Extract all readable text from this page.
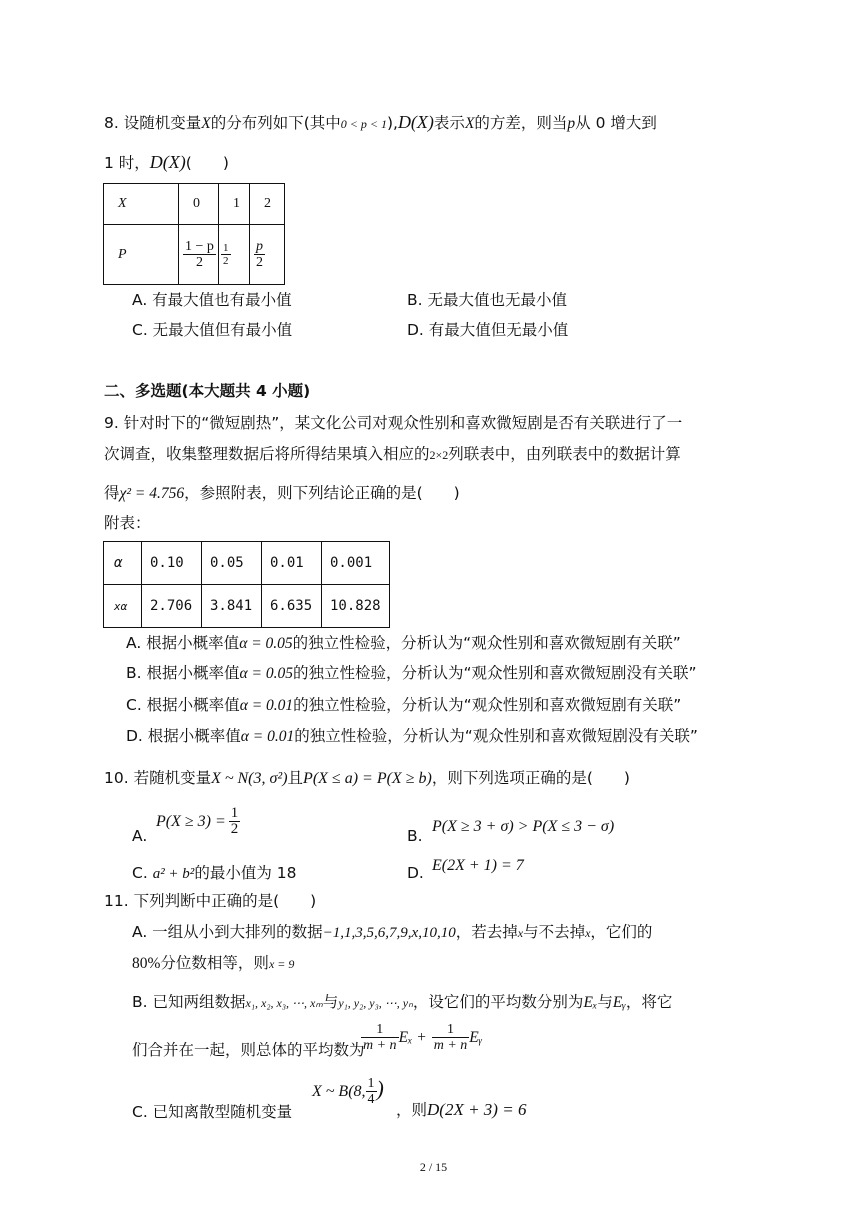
8. 设随机变量X的分布列如下(其中0 < p < 1),D(X)表示X的方差，则当p从 0 增大到
1 时，D(X)(　　)
X	0	1	2
P	$\frac{1 - p}{2}$	$\frac{1}{2}$	$\frac{p}{2}$
A. 有最大值也有最小值	B. 无最大值也无最小值
C. 无最大值但有最小值	D. 有最大值但无最小值
二、多选题(本大题共 4 小题)
9. 针对时下的“微短剧热”，某文化公司对观众性别和喜欢微短剧是否有关联进行了一
次调查，收集整理数据后将所得结果填入相应的2×2列联表中，由列联表中的数据计算
得χ² = 4.756，参照附表，则下列结论正确的是(　　)
附表：
α	0.10	0.05	0.01	0.001
xα	2.706	3.841	6.635	10.828
A. 根据小概率值α = 0.05的独立性检验，分析认为“观众性别和喜欢微短剧有关联”
B. 根据小概率值α = 0.05的独立性检验，分析认为“观众性别和喜欢微短剧没有关联”
C. 根据小概率值α = 0.01的独立性检验，分析认为“观众性别和喜欢微短剧有关联”
D. 根据小概率值α = 0.01的独立性检验，分析认为“观众性别和喜欢微短剧没有关联”
10. 若随机变量X ~ N(3, σ²)且P(X ≤ a) = P(X ≥ b)，则下列选项正确的是(　　)
A.
$P(X \ge 3) = \frac{1}{2}$	B.
P(X ≥ 3 + σ) > P(X ≤ 3 − σ)
C. a² + b²的最小值为 18	D. E(2X + 1) = 7
11. 下列判断中正确的是(　　)
A. 一组从小到大排列的数据−1,1,3,5,6,7,9,x,10,10，若去掉x与不去掉x，它们的
80%分位数相等，则x = 9
B. 已知两组数据x₁, x₂, x₃, ⋯, xₘ与y₁, y₂, y₃, ⋯, yₙ，设它们的平均数分别为Eₓ与Eᵧ，将它
们合并在一起，则总体的平均数为
$\frac{1}{m + n}$ $E_x + \frac{1}{m + n}$ Eᵧ
C. 已知离散型随机变量
X ~ B(8, $\frac{1}{4}$ )
，则D(2X + 3) = 6
2 / 15
